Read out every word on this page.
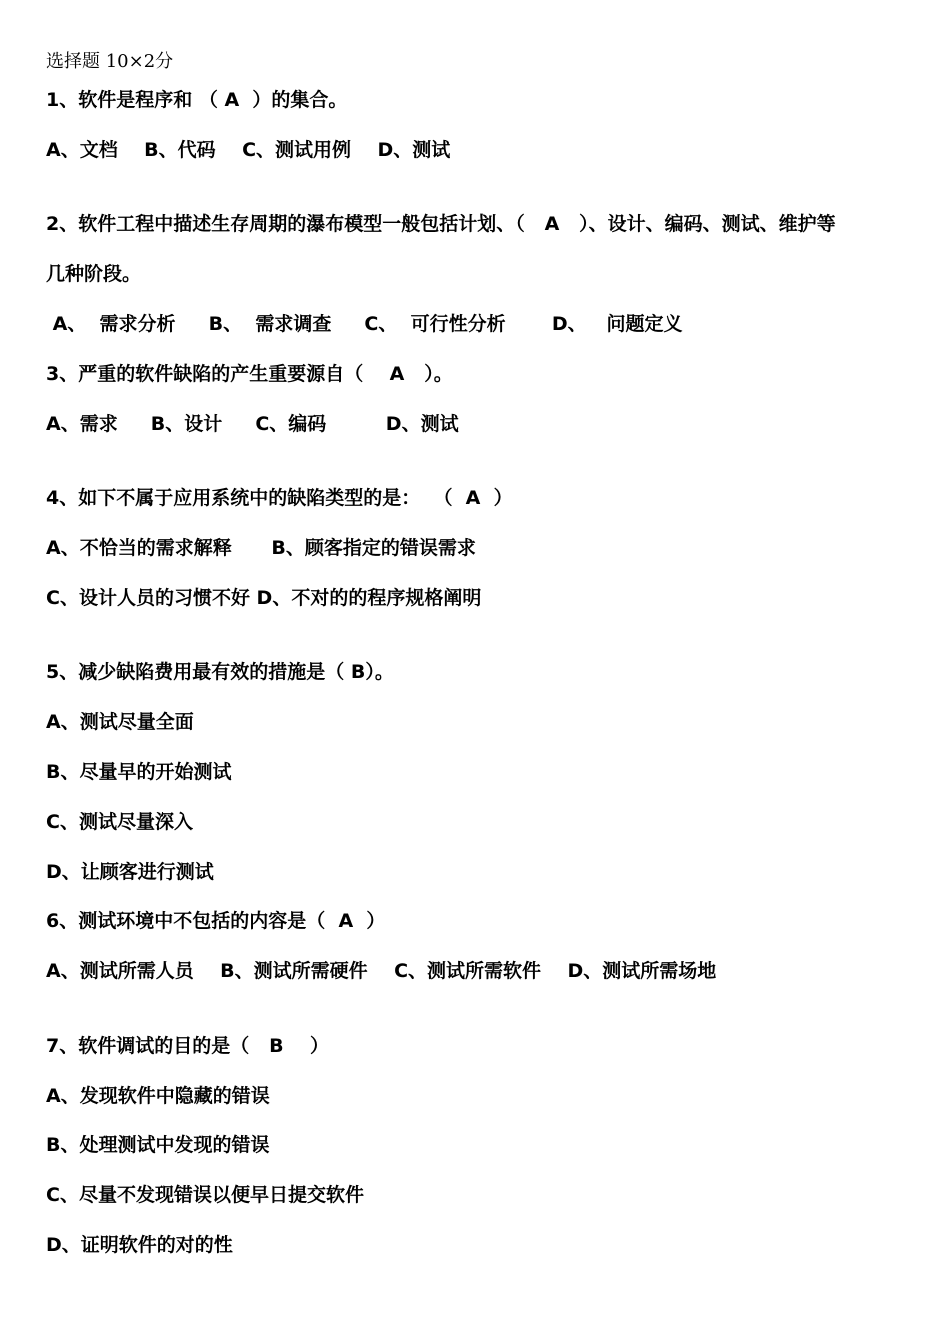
选择题 10×2分
1、软件是程序和 （ A  ）的集合。
A、文档    B、代码    C、测试用例    D、测试
2、软件工程中描述生存周期的瀑布模型一般包括计划、（   A   ）、设计、编码、测试、维护等
几种阶段。
A、  需求分析     B、  需求调查     C、  可行性分析       D、   问题定义
3、严重的软件缺陷的产生重要源自（    A   ）。
A、需求     B、设计     C、编码         D、测试
4、如下不属于应用系统中的缺陷类型的是：  （  A  ）
A、不恰当的需求解释      B、顾客指定的错误需求
C、设计人员的习惯不好 D、不对的的程序规格阐明
5、减少缺陷费用最有效的措施是（ B）。
A、测试尽量全面
B、尽量早的开始测试
C、测试尽量深入
D、让顾客进行测试
6、测试环境中不包括的内容是（  A  ）
A、测试所需人员    B、测试所需硬件    C、测试所需软件    D、测试所需场地
7、软件调试的目的是（   B    ）
A、发现软件中隐藏的错误
B、处理测试中发现的错误
C、尽量不发现错误以便早日提交软件
D、证明软件的对的性
